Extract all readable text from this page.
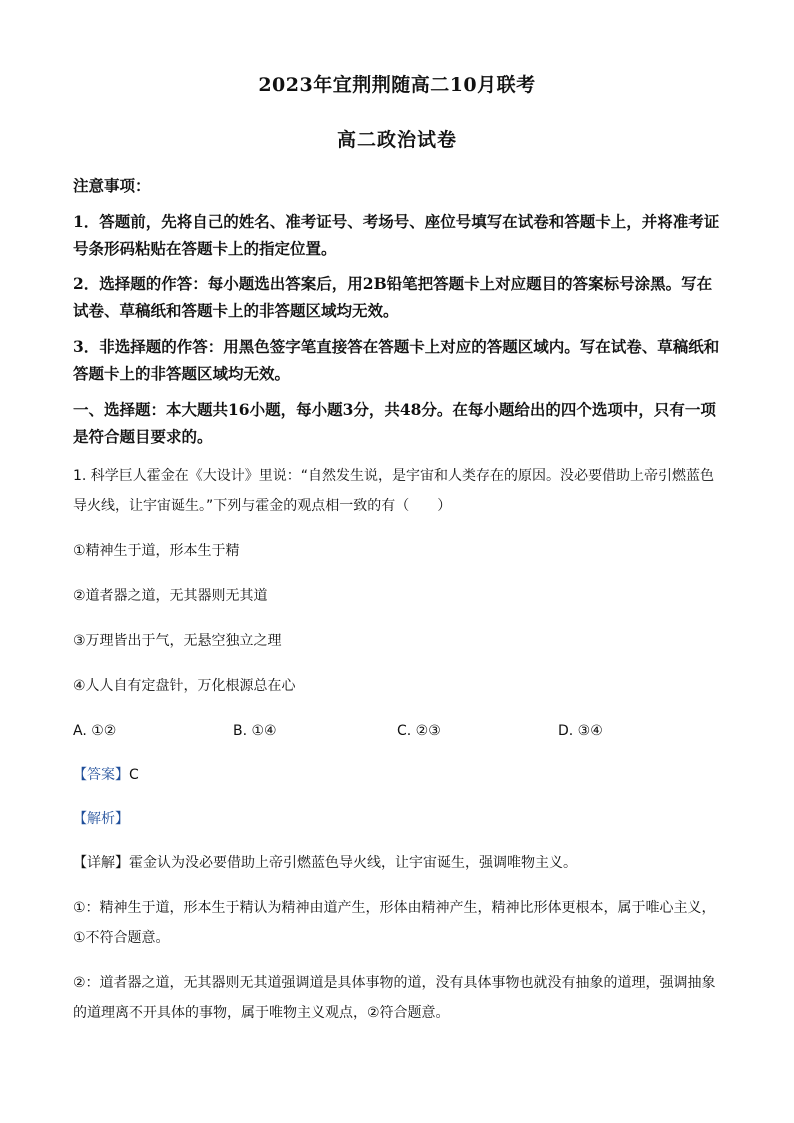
2023年宜荆荆随高二10月联考
高二政治试卷
注意事项：
1．答题前，先将自己的姓名、准考证号、考场号、座位号填写在试卷和答题卡上，并将准考证号条形码粘贴在答题卡上的指定位置。
2．选择题的作答：每小题选出答案后，用2B铅笔把答题卡上对应题目的答案标号涂黑。写在试卷、草稿纸和答题卡上的非答题区域均无效。
3．非选择题的作答：用黑色签字笔直接答在答题卡上对应的答题区域内。写在试卷、草稿纸和答题卡上的非答题区域均无效。
一、选择题：本大题共16小题，每小题3分，共48分。在每小题给出的四个选项中，只有一项是符合题目要求的。
1. 科学巨人霍金在《大设计》里说：“自然发生说，是宇宙和人类存在的原因。没必要借助上帝引燃蓝色导火线，让宇宙诞生。”下列与霍金的观点相一致的有（　　）
①精神生于道，形本生于精
②道者器之道，无其器则无其道
③万理皆出于气，无悬空独立之理
④人人自有定盘针，万化根源总在心
A. ①②	B. ①④	C. ②③	D. ③④
【答案】C
【解析】
【详解】霍金认为没必要借助上帝引燃蓝色导火线，让宇宙诞生，强调唯物主义。
①：精神生于道，形本生于精认为精神由道产生，形体由精神产生，精神比形体更根本，属于唯心主义，①不符合题意。
②：道者器之道，无其器则无其道强调道是具体事物的道，没有具体事物也就没有抽象的道理，强调抽象的道理离不开具体的事物，属于唯物主义观点，②符合题意。
